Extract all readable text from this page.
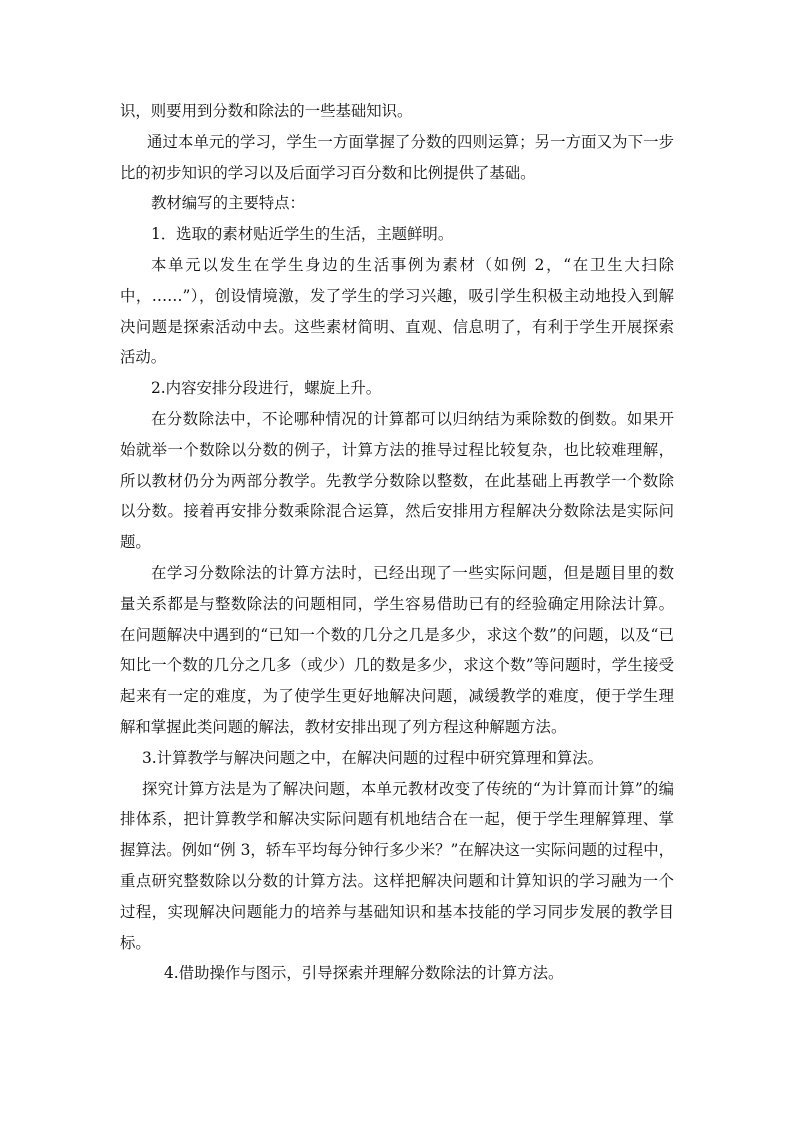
识，则要用到分数和除法的一些基础知识。

通过本单元的学习，学生一方面掌握了分数的四则运算；另一方面又为下一步比的初步知识的学习以及后面学习百分数和比例提供了基础。

教材编写的主要特点：

1．选取的素材贴近学生的生活，主题鲜明。

本单元以发生在学生身边的生活事例为素材（如例 2，“在卫生大扫除中，……”），创设情境激，发了学生的学习兴趣，吸引学生积极主动地投入到解决问题是探索活动中去。这些素材简明、直观、信息明了，有利于学生开展探索活动。

2.内容安排分段进行，螺旋上升。

在分数除法中，不论哪种情况的计算都可以归纳结为乘除数的倒数。如果开始就举一个数除以分数的例子，计算方法的推导过程比较复杂，也比较难理解，所以教材仍分为两部分教学。先教学分数除以整数，在此基础上再教学一个数除以分数。接着再安排分数乘除混合运算，然后安排用方程解决分数除法是实际问题。

在学习分数除法的计算方法时，已经出现了一些实际问题，但是题目里的数量关系都是与整数除法的问题相同，学生容易借助已有的经验确定用除法计算。在问题解决中遇到的“已知一个数的几分之几是多少，求这个数”的问题，以及“已知比一个数的几分之几多（或少）几的数是多少，求这个数”等问题时，学生接受起来有一定的难度，为了使学生更好地解决问题，减缓教学的难度，便于学生理解和掌握此类问题的解法，教材安排出现了列方程这种解题方法。

3.计算教学与解决问题之中，在解决问题的过程中研究算理和算法。

探究计算方法是为了解决问题，本单元教材改变了传统的“为计算而计算”的编排体系，把计算教学和解决实际问题有机地结合在一起，便于学生理解算理、掌握算法。例如“例 3，轿车平均每分钟行多少米？”在解决这一实际问题的过程中，重点研究整数除以分数的计算方法。这样把解决问题和计算知识的学习融为一个过程，实现解决问题能力的培养与基础知识和基本技能的学习同步发展的教学目标。

4.借助操作与图示，引导探索并理解分数除法的计算方法。
